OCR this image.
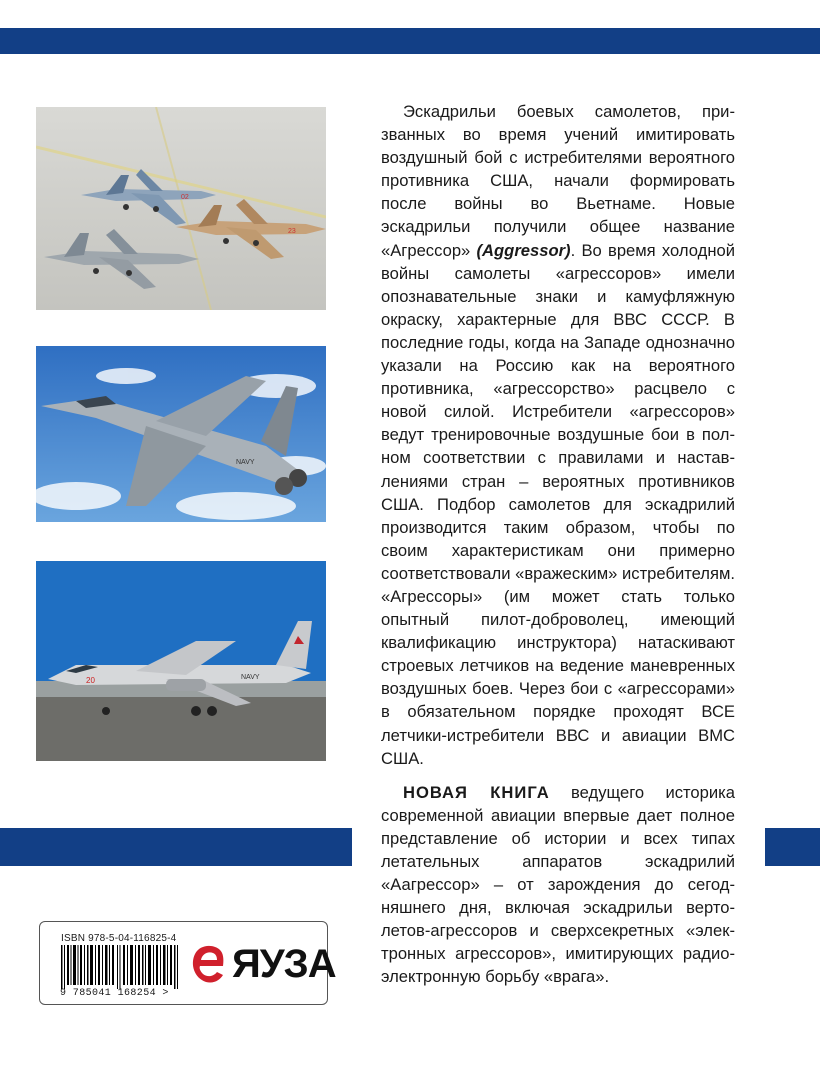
02
23
NAVY
20	NAVY

Эскадрильи боевых самолетов, призванных во время учений имитировать воздушный бой с истребителями вероятного противника США, начали формировать после войны во Вьетнаме. Новые эскадрильи получили общее название «Агрессор» (Aggressor). Во время холодной войны самолеты «агрессоров» имели опознавательные знаки и камуфляжную окраску, характерные для ВВС СССР. В последние годы, когда на Западе однозначно указали на Россию как на вероятного противника, «агрессорство» расцвело с новой силой. Истребители «агрессоров» ведут тренировочные воздушные бои в полном соответствии с правилами и наставлениями стран – вероятных противников США. Подбор самолетов для эскадрилий производится таким образом, чтобы по своим характеристикам они примерно соответствовали «вражеским» истребителям. «Агрессоры» (им может стать только опытный пилот-доброволец, имеющий квалификацию инструктора) натаскивают строевых летчиков на ведение маневренных воздушных боев. Через бои с «агрессорами» в обязательном порядке проходят ВСЕ летчики-истребители ВВС и авиации ВМС США.

НОВАЯ КНИГА ведущего историка современной авиации впервые дает полное представление об истории и всех типах летательных аппаратов эскадрилий «Аагрессор» – от зарождения до сегодняшнего дня, включая эскадрильи вертолетов-агрессоров и сверхсекретных «электронных агрессоров», имитирующих радиоэлектронную борьбу «врага».

ISBN 978-5-04-116825-4
9 785041 168254 >
ЯУЗА
